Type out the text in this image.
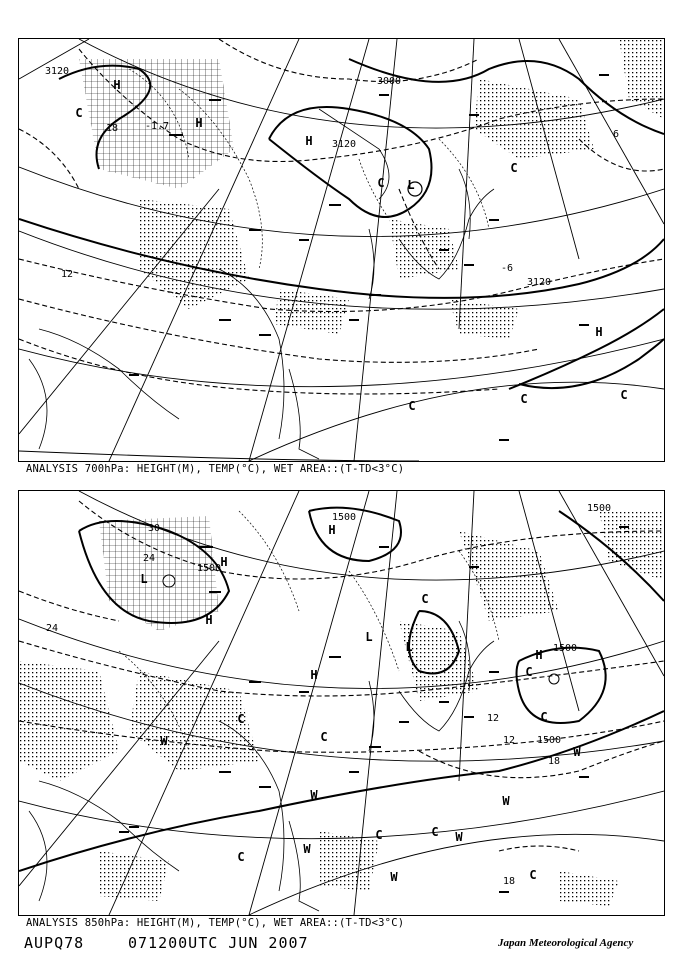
3120
H
C
18	-1.7 H
3000
3120
H
C L
C
6
12
-6
3120
H
C	C	C
ANALYSIS 700hPa: HEIGHT(M), TEMP(°C), WET AREA::(T-TD<3°C)
30
1500
1500
H
24
L
1500 H
H
24
C
L
L	1500
H
H	C
12	C
12 1500
W
W
C
C
18
W	W
C	C W
C
W
W	C
18
ANALYSIS 850hPa: HEIGHT(M), TEMP(°C), WET AREA::(T-TD<3°C)
AUPQ78	071200UTC JUN 2007	Japan Meteorological Agency
